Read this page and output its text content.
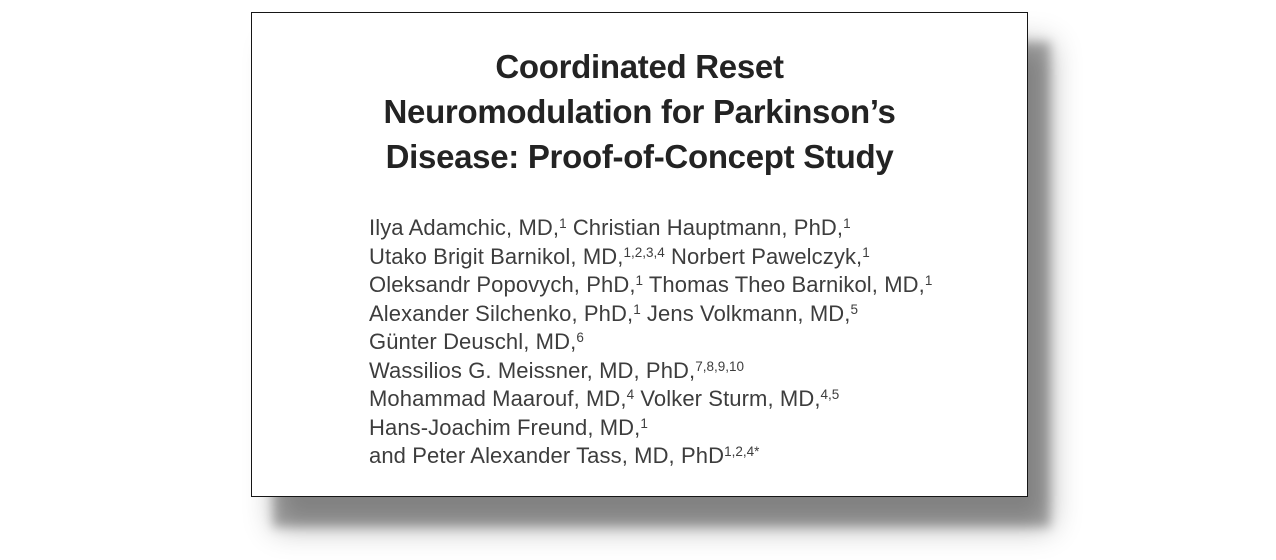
Coordinated Reset
Neuromodulation for Parkinson’s
Disease: Proof-of-Concept Study
Ilya Adamchic, MD,$^1$ Christian Hauptmann, PhD,$^1$
Utako Brigit Barnikol, MD,$^{1,2,3,4}$ Norbert Pawelczyk,$^1$
Oleksandr Popovych, PhD,$^1$ Thomas Theo Barnikol, MD,$^1$
Alexander Silchenko, PhD,$^1$ Jens Volkmann, MD,$^5$
Günter Deuschl, MD,$^6$
Wassilios G. Meissner, MD, PhD,$^{7,8,9,10}$
Mohammad Maarouf, MD,$^4$ Volker Sturm, MD,$^{4,5}$
Hans-Joachim Freund, MD,$^1$
and Peter Alexander Tass, MD, PhD$^{1,2,4*}$
